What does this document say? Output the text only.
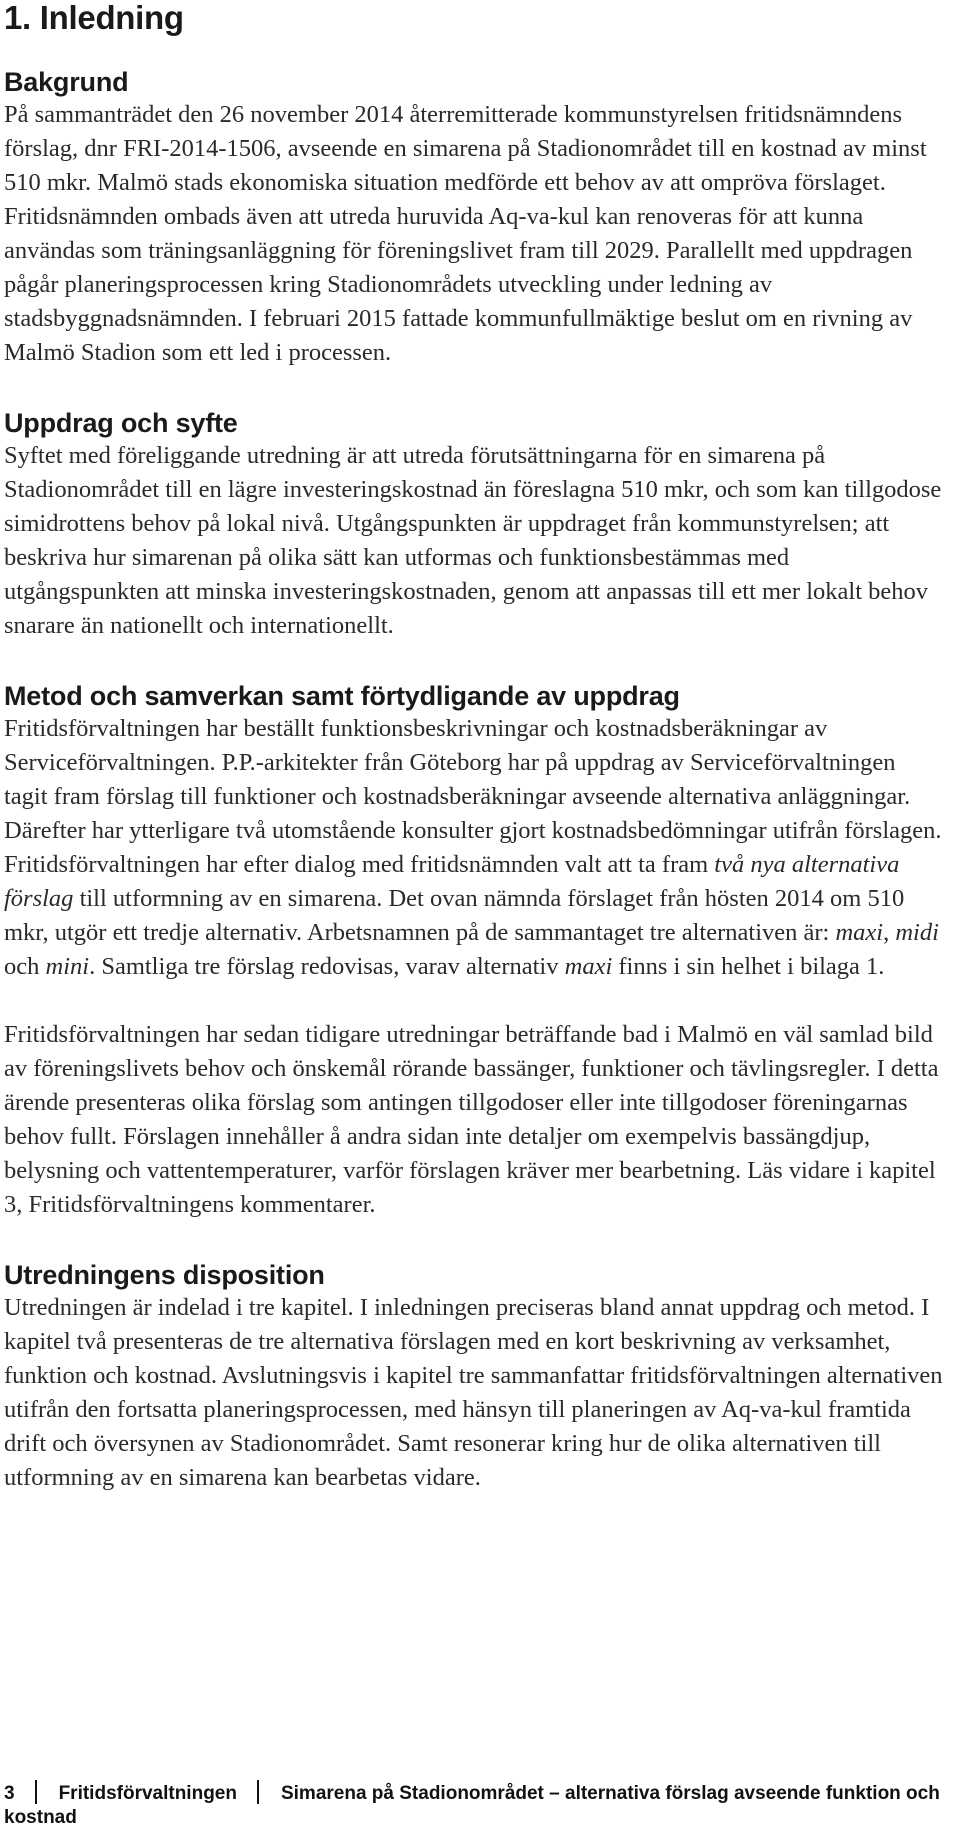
1. Inledning
Bakgrund

På sammanträdet den 26 november 2014 återremitterade kommunstyrelsen fritidsnämndens förslag, dnr FRI-2014-1506, avseende en simarena på Stadionområdet till en kostnad av minst 510 mkr. Malmö stads ekonomiska situation medförde ett behov av att ompröva förslaget. Fritidsnämnden ombads även att utreda huruvida Aq-va-kul kan renoveras för att kunna användas som träningsanläggning för föreningslivet fram till 2029. Parallellt med uppdragen pågår planeringsprocessen kring Stadionområdets utveckling under ledning av stadsbyggnadsnämnden. I februari 2015 fattade kommunfullmäktige beslut om en rivning av Malmö Stadion som ett led i processen.

Uppdrag och syfte

Syftet med föreliggande utredning är att utreda förutsättningarna för en simarena på Stadionområdet till en lägre investeringskostnad än föreslagna 510 mkr, och som kan tillgodose simidrottens behov på lokal nivå. Utgångspunkten är uppdraget från kommunstyrelsen; att beskriva hur simarenan på olika sätt kan utformas och funktionsbestämmas med utgångspunkten att minska investeringskostnaden, genom att anpassas till ett mer lokalt behov snarare än nationellt och internationellt.

Metod och samverkan samt förtydligande av uppdrag

Fritidsförvaltningen har beställt funktionsbeskrivningar och kostnadsberäkningar av Serviceförvaltningen. P.P.-arkitekter från Göteborg har på uppdrag av Serviceförvaltningen tagit fram förslag till funktioner och kostnadsberäkningar avseende alternativa anläggningar. Därefter har ytterligare två utomstående konsulter gjort kostnadsbedömningar utifrån förslagen. Fritidsförvaltningen har efter dialog med fritidsnämnden valt att ta fram två nya alternativa förslag till utformning av en simarena. Det ovan nämnda förslaget från hösten 2014 om 510 mkr, utgör ett tredje alternativ. Arbetsnamnen på de sammantaget tre alternativen är: maxi, midi och mini. Samtliga tre förslag redovisas, varav alternativ maxi finns i sin helhet i bilaga 1.

Fritidsförvaltningen har sedan tidigare utredningar beträffande bad i Malmö en väl samlad bild av föreningslivets behov och önskemål rörande bassänger, funktioner och tävlingsregler. I detta ärende presenteras olika förslag som antingen tillgodoser eller inte tillgodoser föreningarnas behov fullt. Förslagen innehåller å andra sidan inte detaljer om exempelvis bassängdjup, belysning och vattentemperaturer, varför förslagen kräver mer bearbetning. Läs vidare i kapitel 3, Fritidsförvaltningens kommentarer.

Utredningens disposition

Utredningen är indelad i tre kapitel. I inledningen preciseras bland annat uppdrag och metod. I kapitel två presenteras de tre alternativa förslagen med en kort beskrivning av verksamhet, funktion och kostnad. Avslutningsvis i kapitel tre sammanfattar fritidsförvaltningen alternativen utifrån den fortsatta planeringsprocessen, med hänsyn till planeringen av Aq-va-kul framtida drift och översynen av Stadionområdet. Samt resonerar kring hur de olika alternativen till utformning av en simarena kan bearbetas vidare.

3 Fritidsförvaltningen Simarena på Stadionområdet – alternativa förslag avseende funktion och kostnad
